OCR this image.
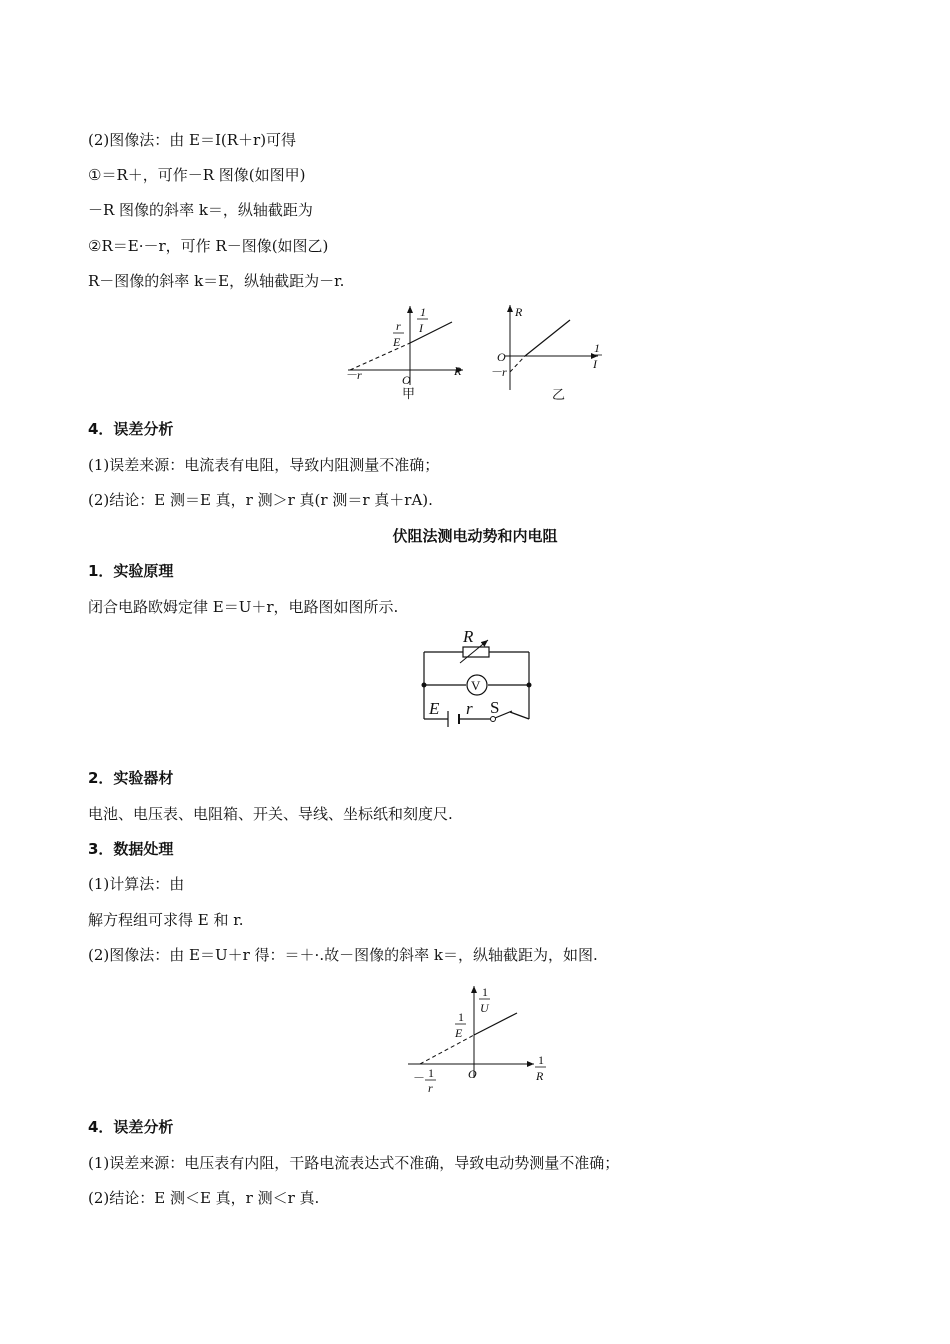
(2)图像法：由 E＝I(R＋r)可得
①＝R＋，可作－R 图像(如图甲)
－R 图像的斜率 k＝，纵轴截距为
②R＝E·－r，可作 R－图像(如图乙)
R－图像的斜率 k＝E，纵轴截距为－r.
1
I
r
E
O
R
－r
甲
R
1
I
O
－r
乙
4．误差分析
(1)误差来源：电流表有电阻，导致内阻测量不准确；
(2)结论：E 测＝E 真，r 测＞r 真(r 测＝r 真＋rA).
伏阻法测电动势和内电阻
1．实验原理
闭合电路欧姆定律 E＝U＋r，电路图如图所示.
V
R
E r S
2．实验器材
电池、电压表、电阻箱、开关、导线、坐标纸和刻度尺.
3．数据处理
(1)计算法：由
解方程组可求得 E 和 r.
(2)图像法：由 E＝U＋r 得：＝＋·.故－图像的斜率 k＝，纵轴截距为，如图.
1
U
1
E
1
R
O
－ 1
r
4．误差分析
(1)误差来源：电压表有内阻，干路电流表达式不准确，导致电动势测量不准确；
(2)结论：E 测＜E 真，r 测＜r 真.
